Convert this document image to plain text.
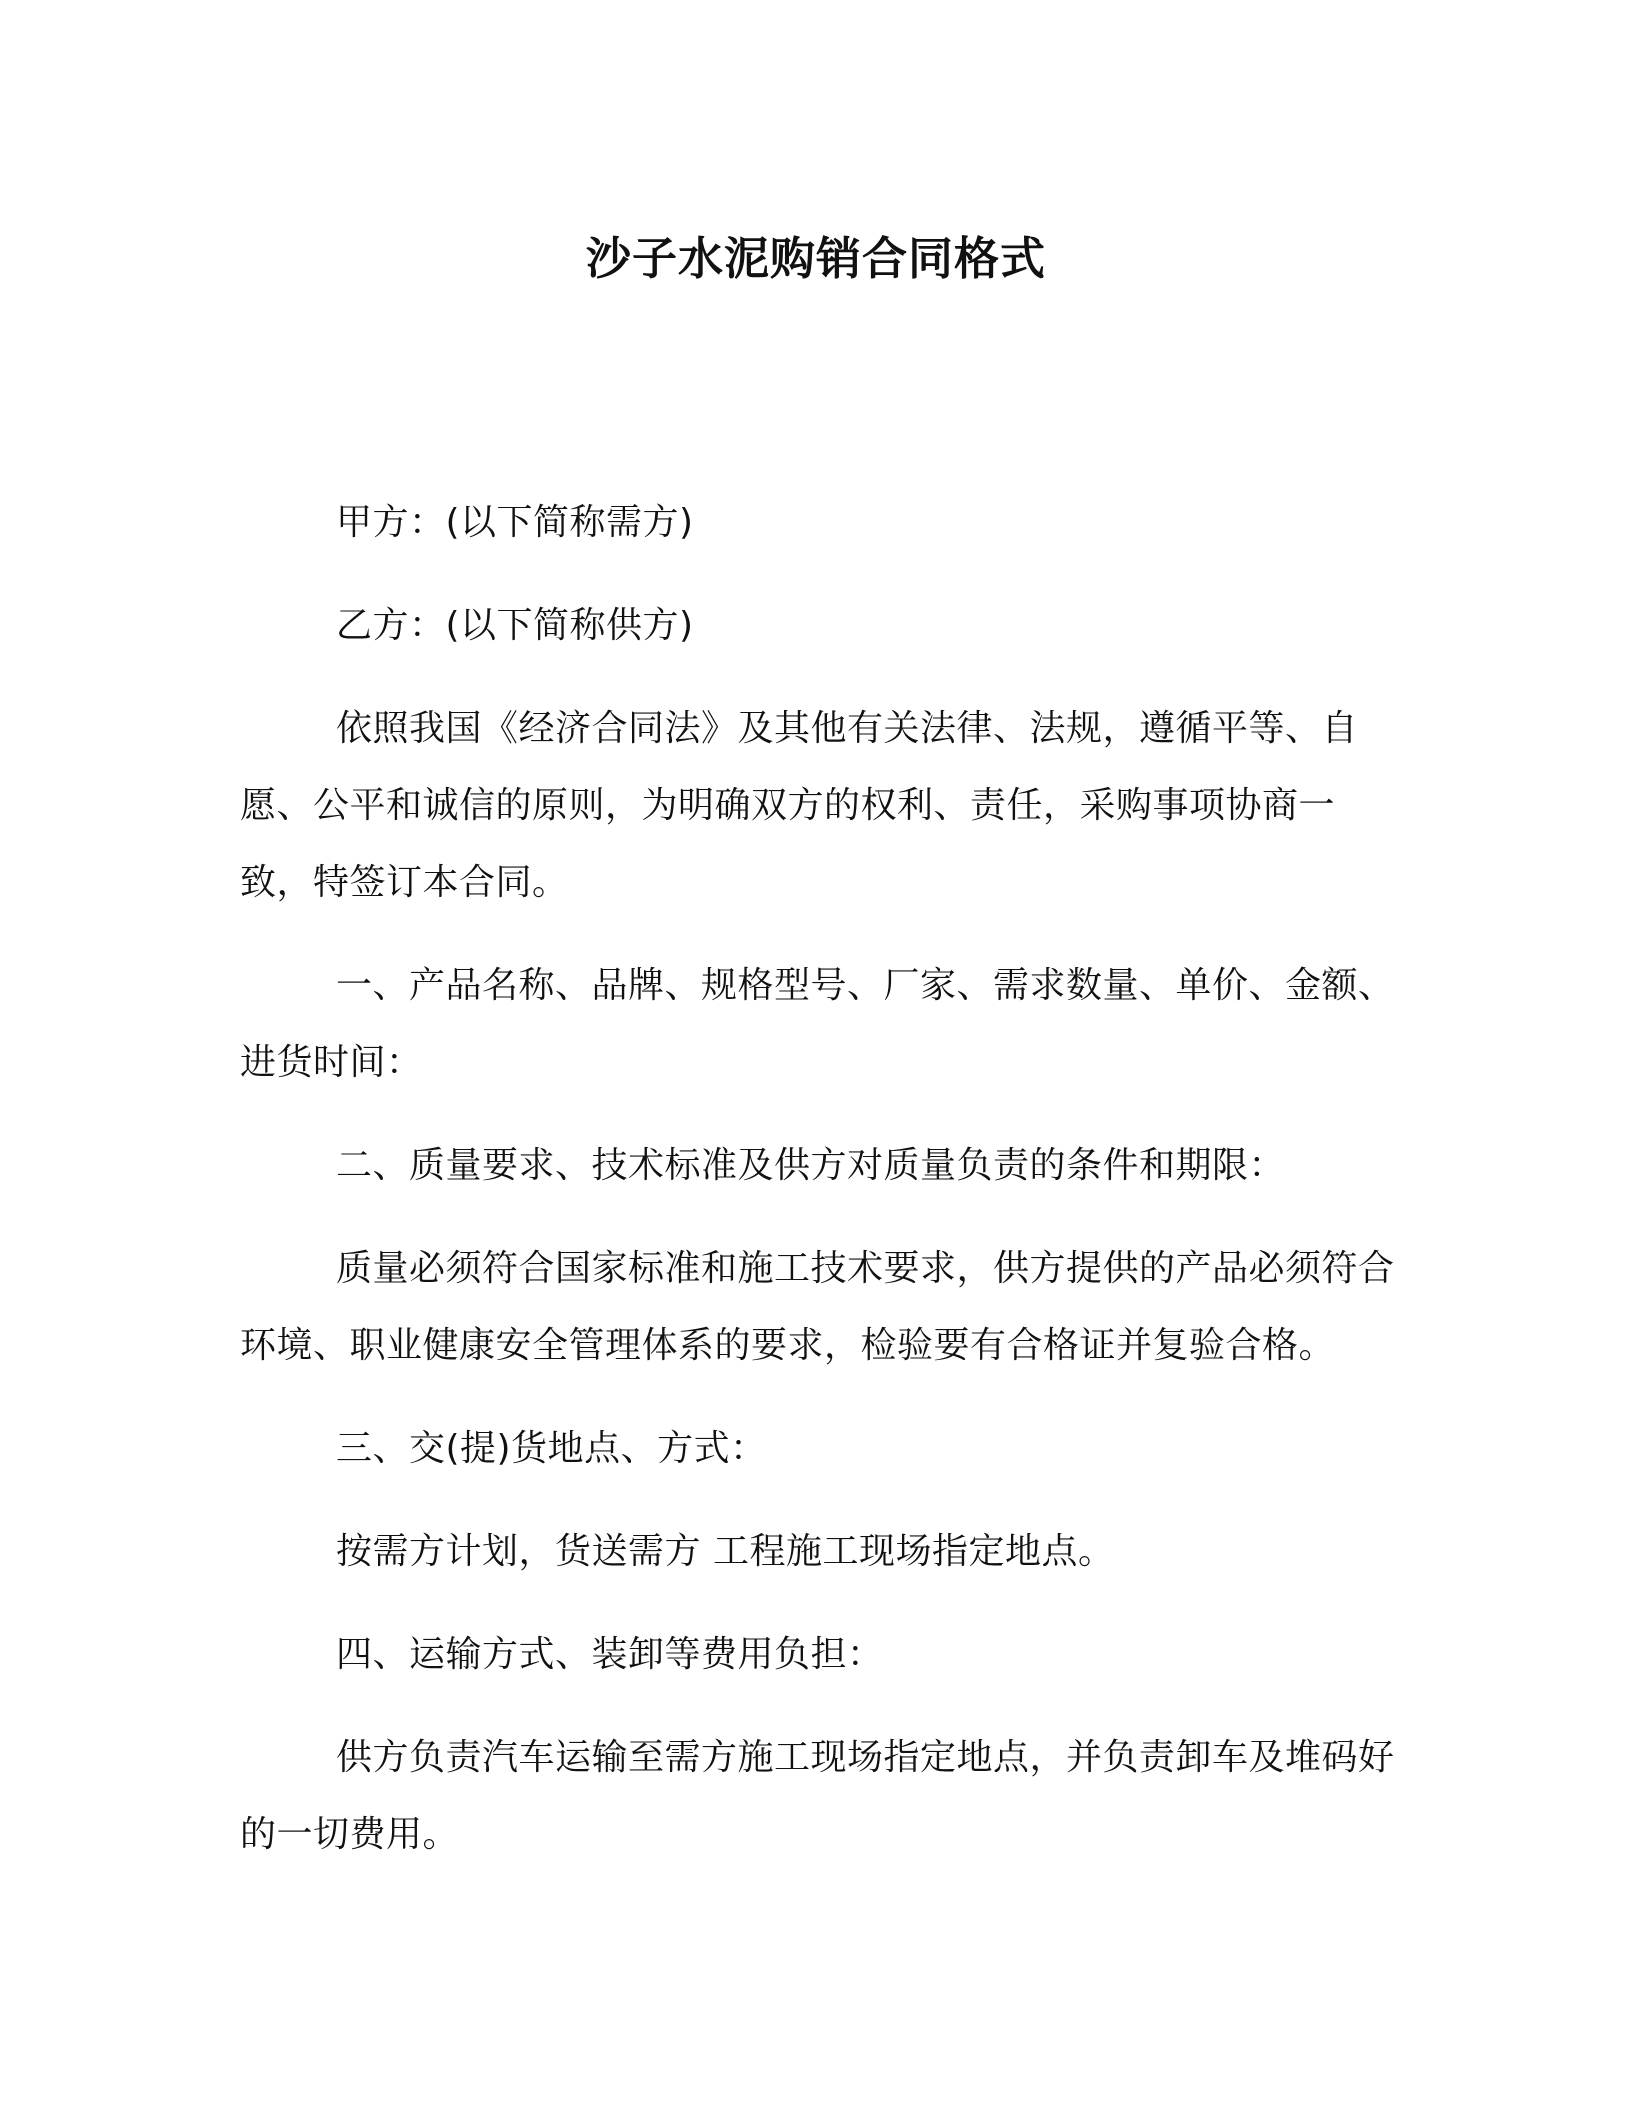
沙子水泥购销合同格式

甲方：(以下简称需方)

乙方：(以下简称供方)

依照我国《经济合同法》及其他有关法律、法规，遵循平等、自愿、公平和诚信的原则，为明确双方的权利、责任，采购事项协商一致，特签订本合同。

一、产品名称、品牌、规格型号、厂家、需求数量、单价、金额、进货时间：

二、质量要求、技术标准及供方对质量负责的条件和期限：

质量必须符合国家标准和施工技术要求，供方提供的产品必须符合环境、职业健康安全管理体系的要求，检验要有合格证并复验合格。

三、交(提)货地点、方式：

按需方计划，货送需方 工程施工现场指定地点。

四、运输方式、装卸等费用负担：

供方负责汽车运输至需方施工现场指定地点，并负责卸车及堆码好的一切费用。
